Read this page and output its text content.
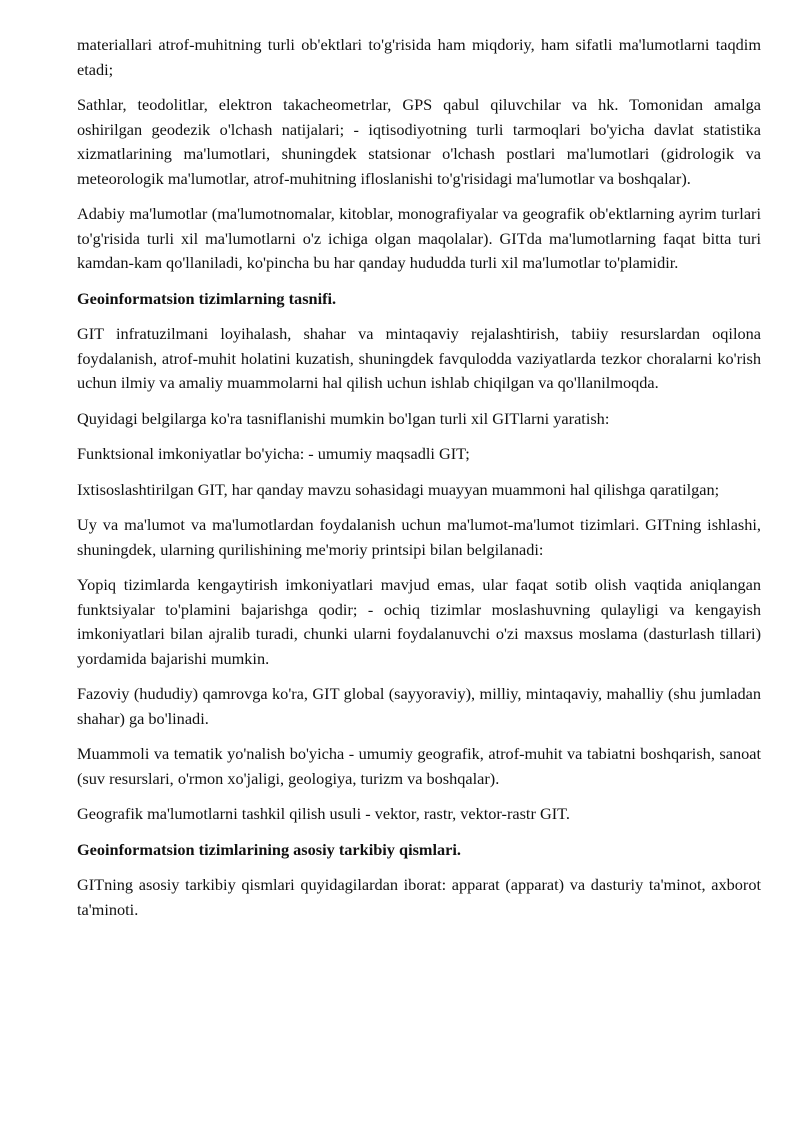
materiallari atrof-muhitning turli ob'ektlari to'g'risida ham miqdoriy, ham sifatli ma'lumotlarni taqdim etadi;

Sathlar, teodolitlar, elektron takacheometrlar, GPS qabul qiluvchilar va hk. Tomonidan amalga oshirilgan geodezik o'lchash natijalari; - iqtisodiyotning turli tarmoqlari bo'yicha davlat statistika xizmatlarining ma'lumotlari, shuningdek statsionar o'lchash postlari ma'lumotlari (gidrologik va meteorologik ma'lumotlar, atrof-muhitning ifloslanishi to'g'risidagi ma'lumotlar va boshqalar).

Adabiy ma'lumotlar (ma'lumotnomalar, kitoblar, monografiyalar va geografik ob'ektlarning ayrim turlari to'g'risida turli xil ma'lumotlarni o'z ichiga olgan maqolalar). GITda ma'lumotlarning faqat bitta turi kamdan-kam qo'llaniladi, ko'pincha bu har qanday hududda turli xil ma'lumotlar to'plamidir.

Geoinformatsion tizimlarning tasnifi.

GIT infratuzilmani loyihalash, shahar va mintaqaviy rejalashtirish, tabiiy resurslardan oqilona foydalanish, atrof-muhit holatini kuzatish, shuningdek favqulodda vaziyatlarda tezkor choralarni ko'rish uchun ilmiy va amaliy muammolarni hal qilish uchun ishlab chiqilgan va qo'llanilmoqda.

Quyidagi belgilarga ko'ra tasniflanishi mumkin bo'lgan turli xil GITlarni yaratish:

Funktsional imkoniyatlar bo'yicha: - umumiy maqsadli GIT;

Ixtisoslashtirilgan GIT, har qanday mavzu sohasidagi muayyan muammoni hal qilishga qaratilgan;

Uy va ma'lumot va ma'lumotlardan foydalanish uchun ma'lumot-ma'lumot tizimlari. GITning ishlashi, shuningdek, ularning qurilishining me'moriy printsipi bilan belgilanadi:

Yopiq tizimlarda kengaytirish imkoniyatlari mavjud emas, ular faqat sotib olish vaqtida aniqlangan funktsiyalar to'plamini bajarishga qodir; - ochiq tizimlar moslashuvning qulayligi va kengayish imkoniyatlari bilan ajralib turadi, chunki ularni foydalanuvchi o'zi maxsus moslama (dasturlash tillari) yordamida bajarishi mumkin.

Fazoviy (hududiy) qamrovga ko'ra, GIT global (sayyoraviy), milliy, mintaqaviy, mahalliy (shu jumladan shahar) ga bo'linadi.

Muammoli va tematik yo'nalish bo'yicha - umumiy geografik, atrof-muhit va tabiatni boshqarish, sanoat (suv resurslari, o'rmon xo'jaligi, geologiya, turizm va boshqalar).

Geografik ma'lumotlarni tashkil qilish usuli - vektor, rastr, vektor-rastr GIT.

Geoinformatsion tizimlarining asosiy tarkibiy qismlari.

GITning asosiy tarkibiy qismlari quyidagilardan iborat: apparat (apparat) va dasturiy ta'minot, axborot ta'minoti.
